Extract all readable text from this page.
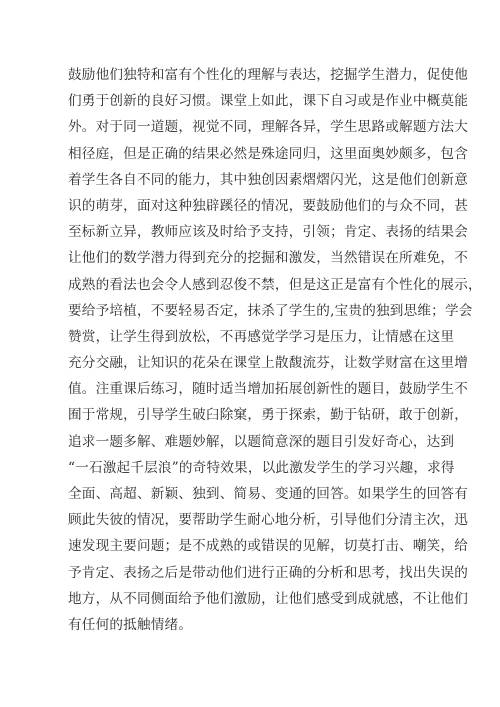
鼓励他们独特和富有个性化的理解与表达，挖掘学生潜力，促使他
们勇于创新的良好习惯。课堂上如此，课下自习或是作业中概莫能
外。对于同一道题，视觉不同，理解各异，学生思路或解题方法大
相径庭，但是正确的结果必然是殊途同归，这里面奥妙颇多，包含
着学生各自不同的能力，其中独创因素熠熠闪光，这是他们创新意
识的萌芽，面对这种独辟蹊径的情况，要鼓励他们的与众不同，甚
至标新立异，教师应该及时给予支持，引领；肯定、表扬的结果会
让他们的数学潜力得到充分的挖掘和激发，当然错误在所难免，不
成熟的看法也会令人感到忍俊不禁，但是这正是富有个性化的展示，
要给予培植，不要轻易否定，抹杀了学生的,宝贵的独到思维；学会
赞赏，让学生得到放松，不再感觉学学习是压力，让情感在这里
充分交融，让知识的花朵在课堂上散馥流芬，让数学财富在这里增
值。注重课后练习，随时适当增加拓展创新性的题目，鼓励学生不
囿于常规，引导学生破臼除窠，勇于探索，勤于钻研，敢于创新，
追求一题多解、难题妙解，以题简意深的题目引发好奇心，达到
“一石激起千层浪”的奇特效果，以此激发学生的学习兴趣，求得
全面、高超、新颖、独到、简易、变通的回答。如果学生的回答有
顾此失彼的情况，要帮助学生耐心地分析，引导他们分清主次，迅
速发现主要问题；是不成熟的或错误的见解，切莫打击、嘲笑，给
予肯定、表扬之后是带动他们进行正确的分析和思考，找出失误的
地方，从不同侧面给予他们激励，让他们感受到成就感，不让他们
有任何的抵触情绪。
